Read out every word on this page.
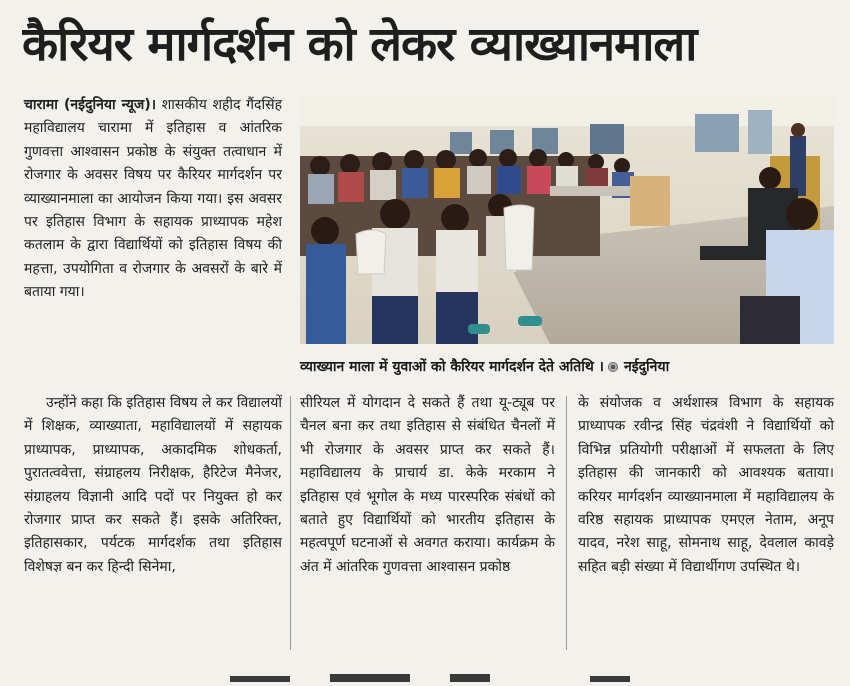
कैरियर मार्गदर्शन को लेकर व्याख्यानमाला

चारामा (नईदुनिया न्यूज)। शासकीय शहीद गैंदसिंह महाविद्यालय चारामा में इतिहास व आंतरिक गुणवत्ता आश्वासन प्रकोष्ठ के संयुक्त तत्वाधान में रोजगार के अवसर विषय पर कैरियर मार्गदर्शन पर व्याख्यानमाला का आयोजन किया गया। इस अवसर पर इतिहास विभाग के सहायक प्राध्यापक महेश कतलाम के द्वारा विद्यार्थियों को इतिहास विषय की महत्ता, उपयोगिता व रोजगार के अवसरों के बारे में बताया गया।

व्याख्यान माला में युवाओं को कैरियर मार्गदर्शन देते अतिथि । नईदुनिया

उन्होंने कहा कि इतिहास विषय ले कर विद्यालयों में शिक्षक, व्याख्याता, महाविद्यालयों में सहायक प्राध्यापक, प्राध्यापक, अकादमिक शोधकर्ता, पुरातत्ववेत्ता, संग्राहलय निरीक्षक, हैरिटेज मैनेजर, संग्राहलय विज्ञानी आदि पदों पर नियुक्त हो कर रोजगार प्राप्त कर सकते हैं। इसके अतिरिक्त, इतिहासकार, पर्यटक मार्गदर्शक तथा इतिहास विशेषज्ञ बन कर हिन्दी सिनेमा,

सीरियल में योगदान दे सकते हैं तथा यू-ट्यूब पर चैनल बना कर तथा इतिहास से संबंधित चैनलों में भी रोजगार के अवसर प्राप्त कर सकते हैं। महाविद्यालय के प्राचार्य डा. केके मरकाम ने इतिहास एवं भूगोल के मध्य पारस्परिक संबंधों को बताते हुए विद्यार्थियों को भारतीय इतिहास के महत्वपूर्ण घटनाओं से अवगत कराया। कार्यक्रम के अंत में आंतरिक गुणवत्ता आश्वासन प्रकोष्ठ

के संयोजक व अर्थशास्त्र विभाग के सहायक प्राध्यापक रवीन्द्र सिंह चंद्रवंशी ने विद्यार्थियों को विभिन्न प्रतियोगी परीक्षाओं में सफलता के लिए इतिहास की जानकारी को आवश्यक बताया। करियर मार्गदर्शन व्याख्यानमाला में महाविद्यालय के वरिष्ठ सहायक प्राध्यापक एमएल नेताम, अनूप यादव, नरेश साहू, सोमनाथ साहू, देवलाल कावड़े सहित बड़ी संख्या में विद्यार्थीगण उपस्थित थे।
